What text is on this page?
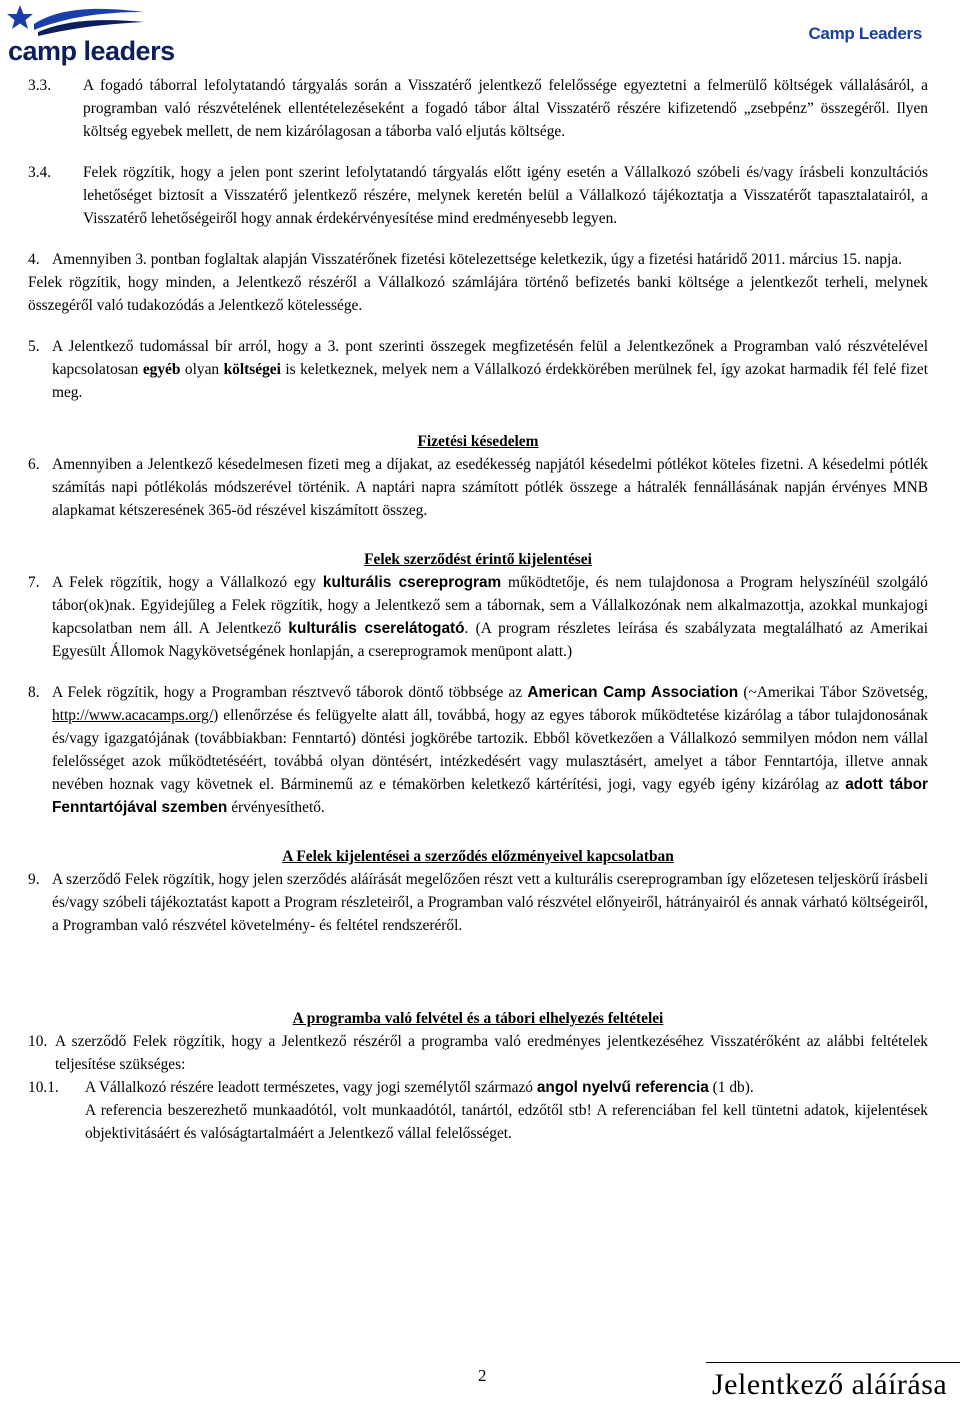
camp leaders
Camp Leaders

3.3. A fogadó táborral lefolytatandó tárgyalás során a Visszatérő jelentkező felelőssége egyeztetni a felmerülő költségek vállalásáról, a programban való részvételének ellentételezéseként a fogadó tábor által Visszatérő részére kifizetendő „zsebpénz” összegéről. Ilyen költség egyebek mellett, de nem kizárólagosan a táborba való eljutás költsége.

3.4. Felek rögzítik, hogy a jelen pont szerint lefolytatandó tárgyalás előtt igény esetén a Vállalkozó szóbeli és/vagy írásbeli konzultációs lehetőséget biztosít a Visszatérő jelentkező részére, melynek keretén belül a Vállalkozó tájékoztatja a Visszatérőt tapasztalatairól, a Visszatérő lehetőségeiről hogy annak érdekérvényesítése mind eredményesebb legyen.

4. Amennyiben 3. pontban foglaltak alapján Visszatérőnek fizetési kötelezettsége keletkezik, úgy a fizetési határidő 2011. március 15. napja.

Felek rögzítik, hogy minden, a Jelentkező részéről a Vállalkozó számlájára történő befizetés banki költsége a jelentkezőt terheli, melynek összegéről való tudakozódás a Jelentkező kötelessége.

5. A Jelentkező tudomással bír arról, hogy a 3. pont szerinti összegek megfizetésén felül a Jelentkezőnek a Programban való részvételével kapcsolatosan egyéb olyan költségei is keletkeznek, melyek nem a Vállalkozó érdekkörében merülnek fel, így azokat harmadik fél felé fizet meg.

Fizetési késedelem

6. Amennyiben a Jelentkező késedelmesen fizeti meg a díjakat, az esedékesség napjától késedelmi pótlékot köteles fizetni. A késedelmi pótlék számítás napi pótlékolás módszerével történik. A naptári napra számított pótlék összege a hátralék fennállásának napján érvényes MNB alapkamat kétszeresének 365-öd részével kiszámított összeg.

Felek szerződést érintő kijelentései

7. A Felek rögzítik, hogy a Vállalkozó egy kulturális csereprogram működtetője, és nem tulajdonosa a Program helyszínéül szolgáló tábor(ok)nak. Egyidejűleg a Felek rögzítik, hogy a Jelentkező sem a tábornak, sem a Vállalkozónak nem alkalmazottja, azokkal munkajogi kapcsolatban nem áll. A Jelentkező kulturális cserelátogató. (A program részletes leírása és szabályzata megtalálható az Amerikai Egyesült Állomok Nagykövetségének honlapján, a csereprogramok menüpont alatt.)

8. A Felek rögzítik, hogy a Programban résztvevő táborok döntő többsége az American Camp Association (~Amerikai Tábor Szövetség, http://www.acacamps.org/) ellenőrzése és felügyelte alatt áll, továbbá, hogy az egyes táborok működtetése kizárólag a tábor tulajdonosának és/vagy igazgatójának (továbbiakban: Fenntartó) döntési jogkörébe tartozik. Ebből következően a Vállalkozó semmilyen módon nem vállal felelősséget azok működtetéséért, továbbá olyan döntésért, intézkedésért vagy mulasztásért, amelyet a tábor Fenntartója, illetve annak nevében hoznak vagy követnek el. Bárminemű az e témakörben keletkező kártérítési, jogi, vagy egyéb igény kizárólag az adott tábor Fenntartójával szemben érvényesíthető.

A Felek kijelentései a szerződés előzményeivel kapcsolatban

9. A szerződő Felek rögzítik, hogy jelen szerződés aláírását megelőzően részt vett a kulturális csereprogramban így előzetesen teljeskörű írásbeli és/vagy szóbeli tájékoztatást kapott a Program részleteiről, a Programban való részvétel előnyeiről, hátrányairól és annak várható költségeiről, a Programban való részvétel követelmény- és feltétel rendszeréről.

A programba való felvétel és a tábori elhelyezés feltételei

10. A szerződő Felek rögzítik, hogy a Jelentkező részéről a programba való eredményes jelentkezéséhez Visszatérőként az alábbi feltételek teljesítése szükséges:

10.1. A Vállalkozó részére leadott természetes, vagy jogi személytől származó angol nyelvű referencia (1 db).

A referencia beszerezhető munkaadótól, volt munkaadótól, tanártól, edzőtől stb! A referenciában fel kell tüntetni adatok, kijelentések objektivitásáért és valóságtartalmáért a Jelentkező vállal felelősséget.

2	Jelentkező aláírása
